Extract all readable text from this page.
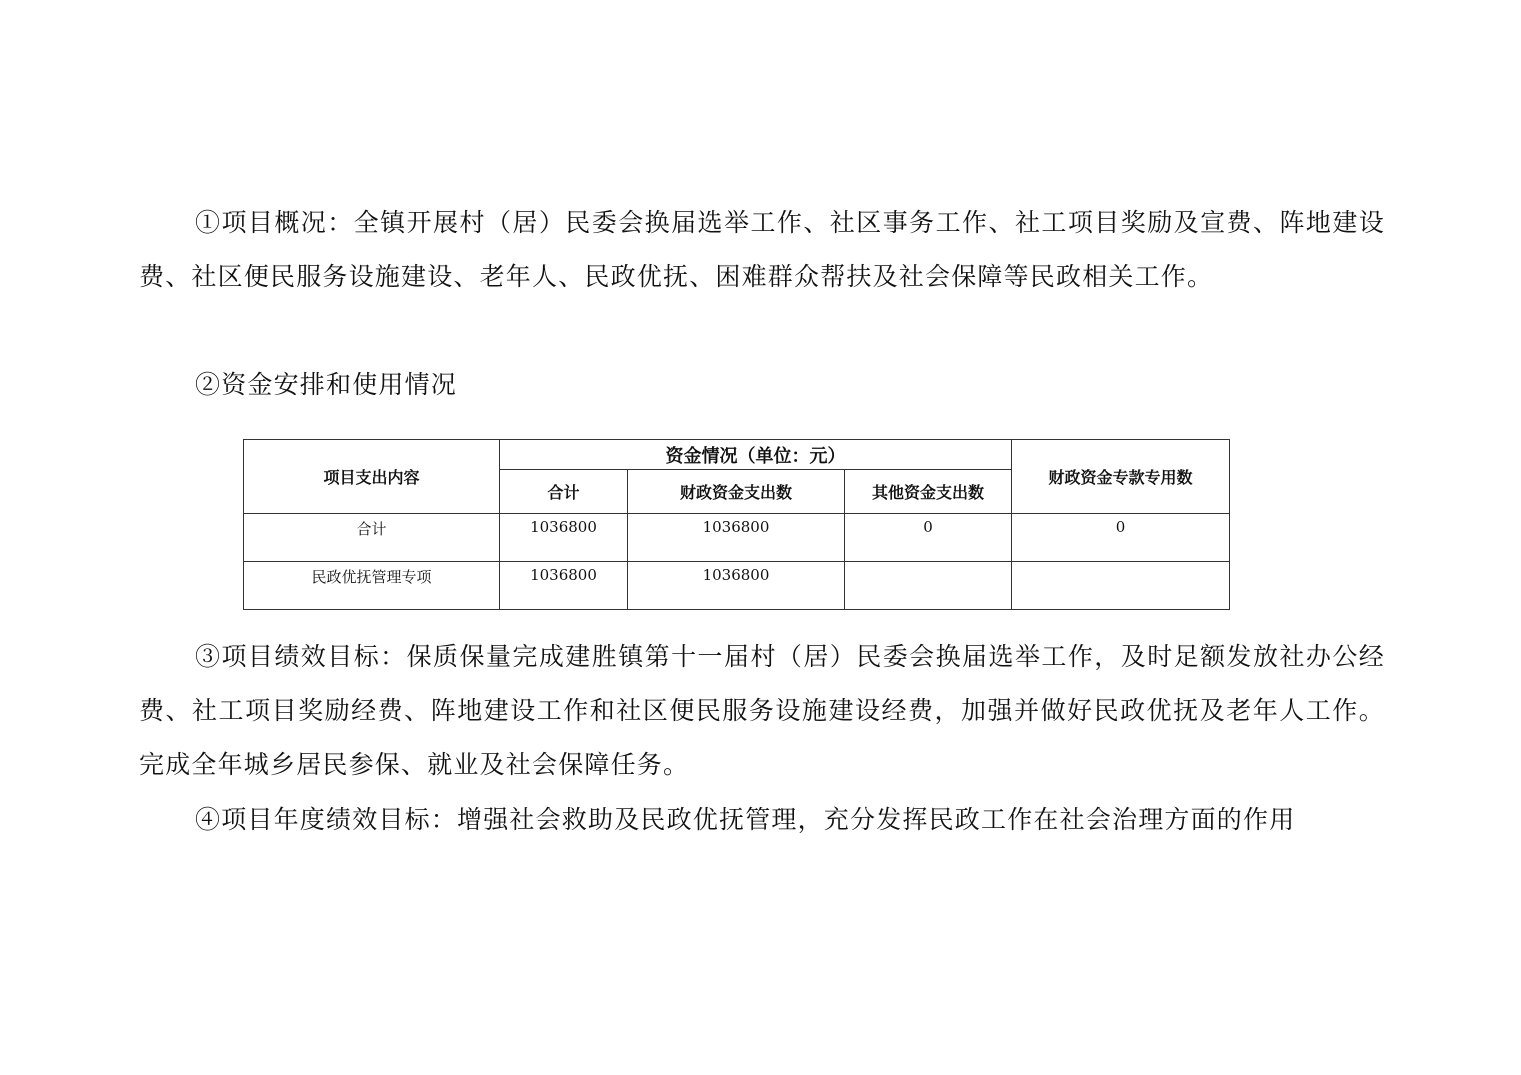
①项目概况：全镇开展村（居）民委会换届选举工作、社区事务工作、社工项目奖励及宣费、阵地建设费、社区便民服务设施建设、老年人、民政优抚、困难群众帮扶及社会保障等民政相关工作。

②资金安排和使用情况

项目支出内容	资金情况（单位：元）			财政资金专款专用数
	合计	财政资金支出数	其他资金支出数	
合计	1036800	1036800	0	0
民政优抚管理专项	1036800	1036800		

③项目绩效目标：保质保量完成建胜镇第十一届村（居）民委会换届选举工作，及时足额发放社办公经费、社工项目奖励经费、阵地建设工作和社区便民服务设施建设经费，加强并做好民政优抚及老年人工作。完成全年城乡居民参保、就业及社会保障任务。

④项目年度绩效目标：增强社会救助及民政优抚管理，充分发挥民政工作在社会治理方面的作用
